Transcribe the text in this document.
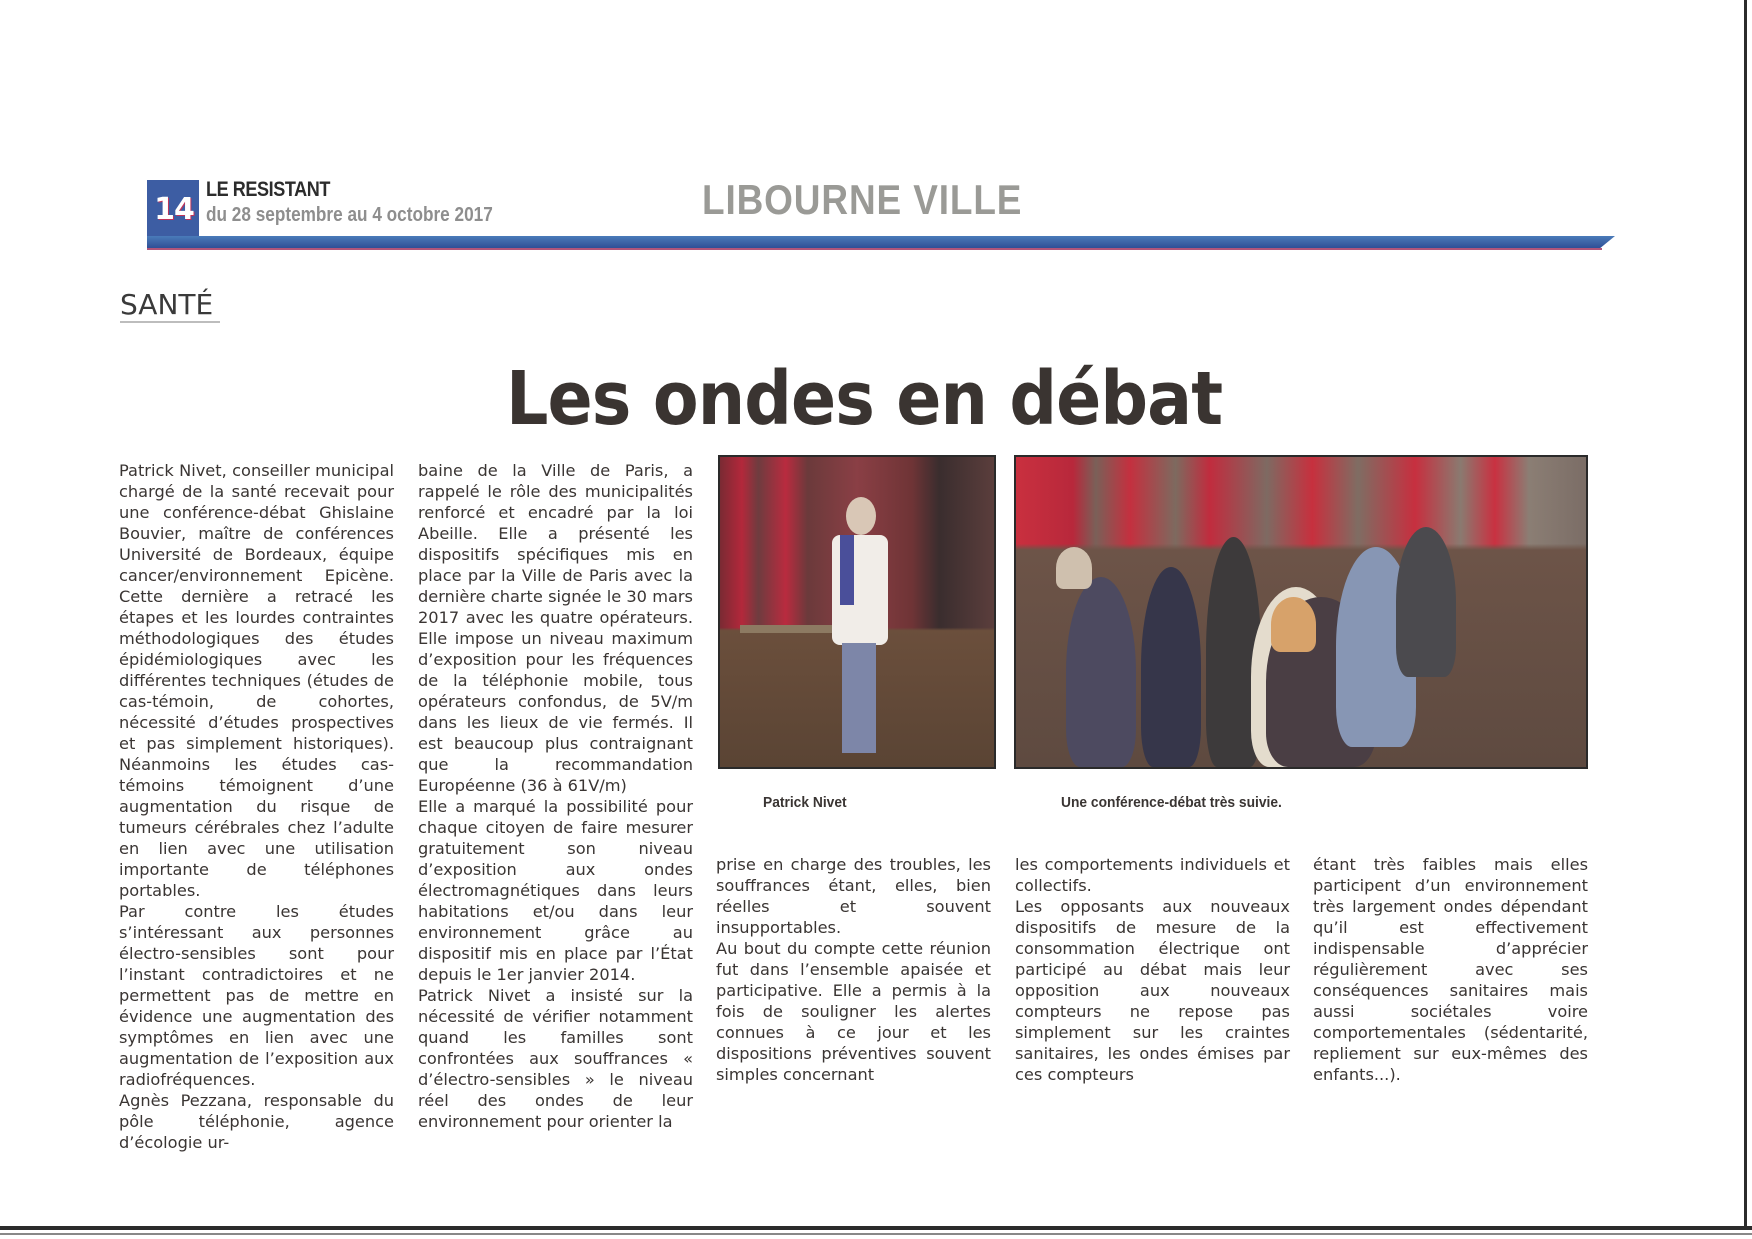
14
LE RESISTANT
du 28 septembre au 4 octobre 2017	LIBOURNE VILLE
SANTÉ
Les ondes en débat

Patrick Nivet, conseiller municipal chargé de la santé recevait pour une conférence-débat Ghislaine Bouvier, maître de conférences Université de Bordeaux, équipe cancer/environnement Epicène. Cette dernière a retracé les étapes et les lourdes contraintes méthodologiques des études épidémiologiques avec les différentes techniques (études de cas-témoin, de cohortes, nécessité d’études prospectives et pas simplement historiques). Néanmoins les études cas-témoins témoignent d’une augmentation du risque de tumeurs cérébrales chez l’adulte en lien avec une utilisation importante de téléphones portables.

Par contre les études s’intéressant aux personnes électro-sensibles sont pour l’instant contradictoires et ne permettent pas de mettre en évidence une augmentation des symptômes en lien avec une augmentation de l’exposition aux radiofréquences.

Agnès Pezzana, responsable du pôle téléphonie, agence d’écologie ur-

baine de la Ville de Paris, a rappelé le rôle des municipalités renforcé et encadré par la loi Abeille. Elle a présenté les dispositifs spécifiques mis en place par la Ville de Paris avec la dernière charte signée le 30 mars 2017 avec les quatre opérateurs. Elle impose un niveau maximum d’exposition pour les fréquences de la téléphonie mobile, tous opérateurs confondus, de 5V/m dans les lieux de vie fermés. Il est beaucoup plus contraignant que la recommandation Européenne (36 à 61V/m)

Elle a marqué la possibilité pour chaque citoyen de faire mesurer gratuitement son niveau d’exposition aux ondes électromagnétiques dans leurs habitations et/ou dans leur environnement grâce au dispositif mis en place par l’État depuis le 1er janvier 2014.

Patrick Nivet a insisté sur la nécessité de vérifier notamment quand les familles sont confrontées aux souffrances « d’électro-sensibles » le niveau réel des ondes de leur environnement pour orienter la

Patrick Nivet	Une conférence-débat très suivie.

prise en charge des troubles, les souffrances étant, elles, bien réelles et souvent insupportables.

Au bout du compte cette réunion fut dans l’ensemble apaisée et participative. Elle a permis à la fois de souligner les alertes connues à ce jour et les dispositions préventives souvent simples concernant

les comportements individuels et collectifs.

Les opposants aux nouveaux dispositifs de mesure de la consommation électrique ont participé au débat mais leur opposition aux nouveaux compteurs ne repose pas simplement sur les craintes sanitaires, les ondes émises par ces compteurs

étant très faibles mais elles participent d’un environnement très largement ondes dépendant qu’il est effectivement indispensable d’apprécier régulièrement avec ses conséquences sanitaires mais aussi sociétales voire comportementales (sédentarité, repliement sur eux-mêmes des enfants...).
